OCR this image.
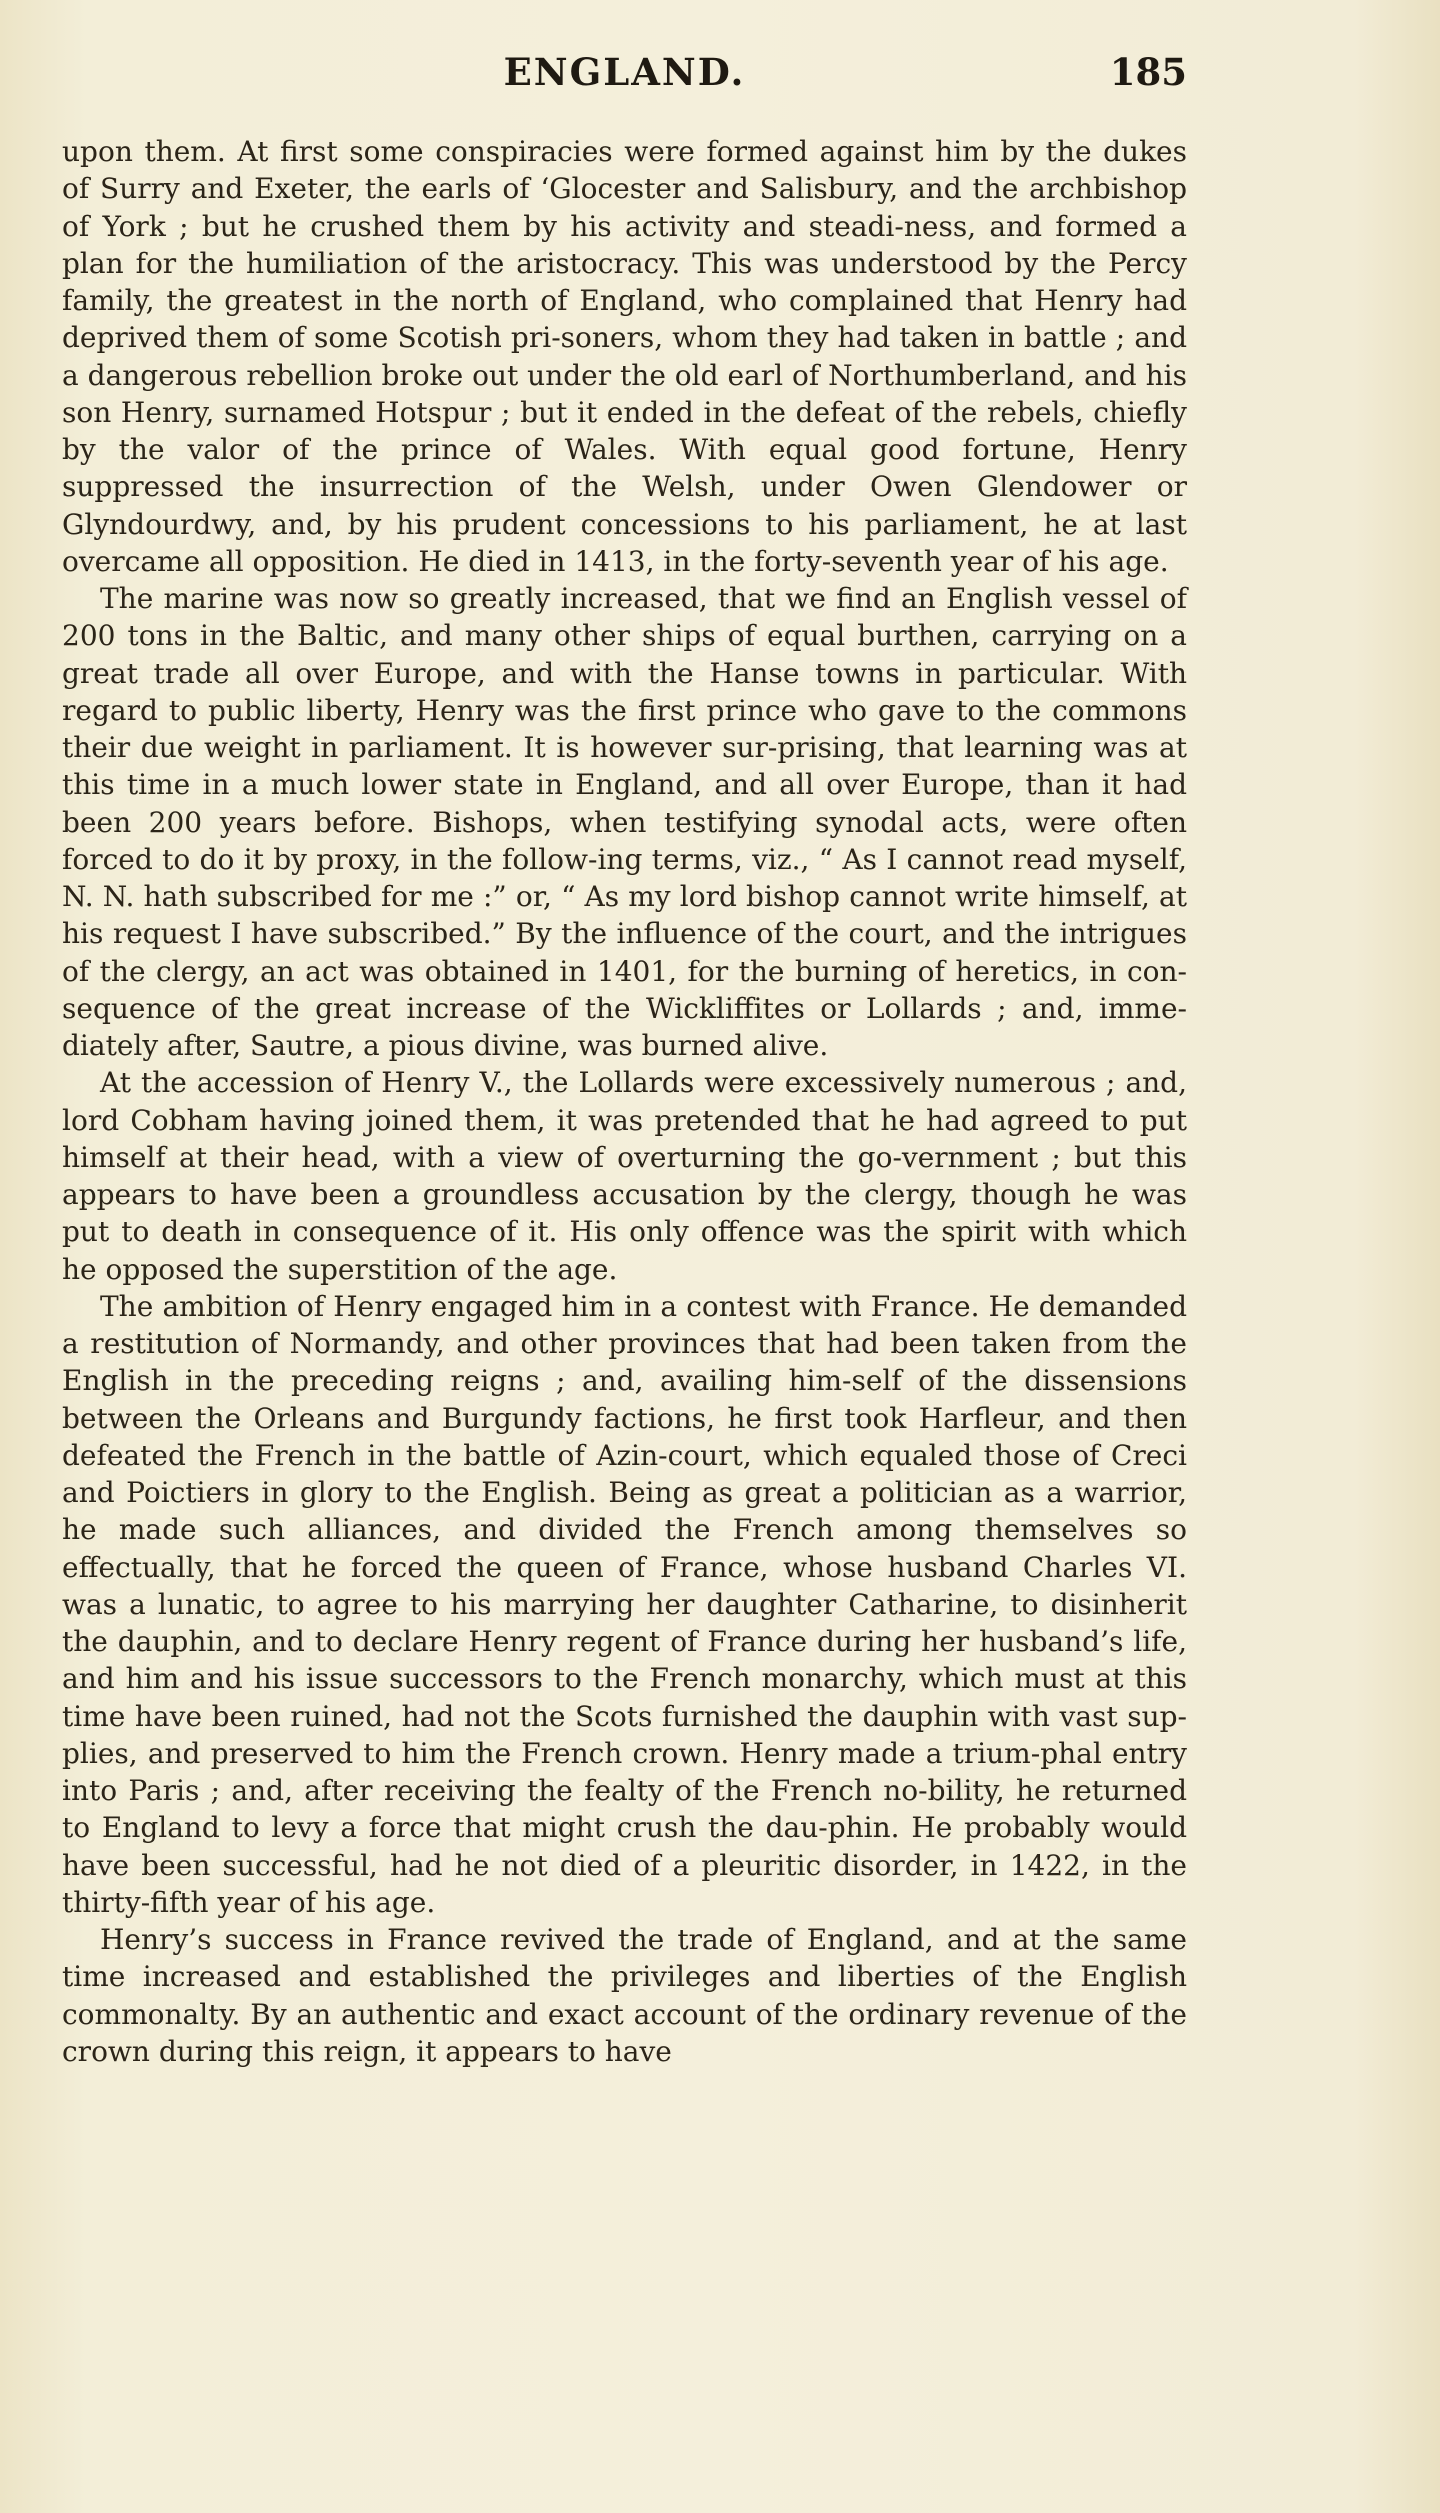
ENGLAND.	185

upon them. At first some conspiracies were formed against him by the dukes of Surry and Exeter, the earls of ‘Glocester and Salisbury, and the archbishop of York ; but he crushed them by his activity and steadi-ness, and formed a plan for the humiliation of the aristocracy. This was understood by the Percy family, the greatest in the north of England, who complained that Henry had deprived them of some Scotish pri-soners, whom they had taken in battle ; and a dangerous rebellion broke out under the old earl of Northumberland, and his son Henry, surnamed Hotspur ; but it ended in the defeat of the rebels, chiefly by the valor of the prince of Wales. With equal good fortune, Henry suppressed the insurrection of the Welsh, under Owen Glendower or Glyndourdwy, and, by his prudent concessions to his parliament, he at last overcame all opposition. He died in 1413, in the forty-seventh year of his age.

The marine was now so greatly increased, that we find an English vessel of 200 tons in the Baltic, and many other ships of equal burthen, carrying on a great trade all over Europe, and with the Hanse towns in particular. With regard to public liberty, Henry was the first prince who gave to the commons their due weight in parliament. It is however sur-prising, that learning was at this time in a much lower state in England, and all over Europe, than it had been 200 years before. Bishops, when testifying synodal acts, were often forced to do it by proxy, in the follow-ing terms, viz., “ As I cannot read myself, N. N. hath subscribed for me :” or, “ As my lord bishop cannot write himself, at his request I have subscribed.” By the influence of the court, and the intrigues of the clergy, an act was obtained in 1401, for the burning of heretics, in con-sequence of the great increase of the Wickliffites or Lollards ; and, imme-diately after, Sautre, a pious divine, was burned alive.

At the accession of Henry V., the Lollards were excessively numerous ; and, lord Cobham having joined them, it was pretended that he had agreed to put himself at their head, with a view of overturning the go-vernment ; but this appears to have been a groundless accusation by the clergy, though he was put to death in consequence of it. His only offence was the spirit with which he opposed the superstition of the age.

The ambition of Henry engaged him in a contest with France. He demanded a restitution of Normandy, and other provinces that had been taken from the English in the preceding reigns ; and, availing him-self of the dissensions between the Orleans and Burgundy factions, he first took Harfleur, and then defeated the French in the battle of Azin-court, which equaled those of Creci and Poictiers in glory to the English. Being as great a politician as a warrior, he made such alliances, and divided the French among themselves so effectually, that he forced the queen of France, whose husband Charles VI. was a lunatic, to agree to his marrying her daughter Catharine, to disinherit the dauphin, and to declare Henry regent of France during her husband’s life, and him and his issue successors to the French monarchy, which must at this time have been ruined, had not the Scots furnished the dauphin with vast sup-plies, and preserved to him the French crown. Henry made a trium-phal entry into Paris ; and, after receiving the fealty of the French no-bility, he returned to England to levy a force that might crush the dau-phin. He probably would have been successful, had he not died of a pleuritic disorder, in 1422, in the thirty-fifth year of his age.

Henry’s success in France revived the trade of England, and at the same time increased and established the privileges and liberties of the English commonalty. By an authentic and exact account of the ordinary revenue of the crown during this reign, it appears to have
